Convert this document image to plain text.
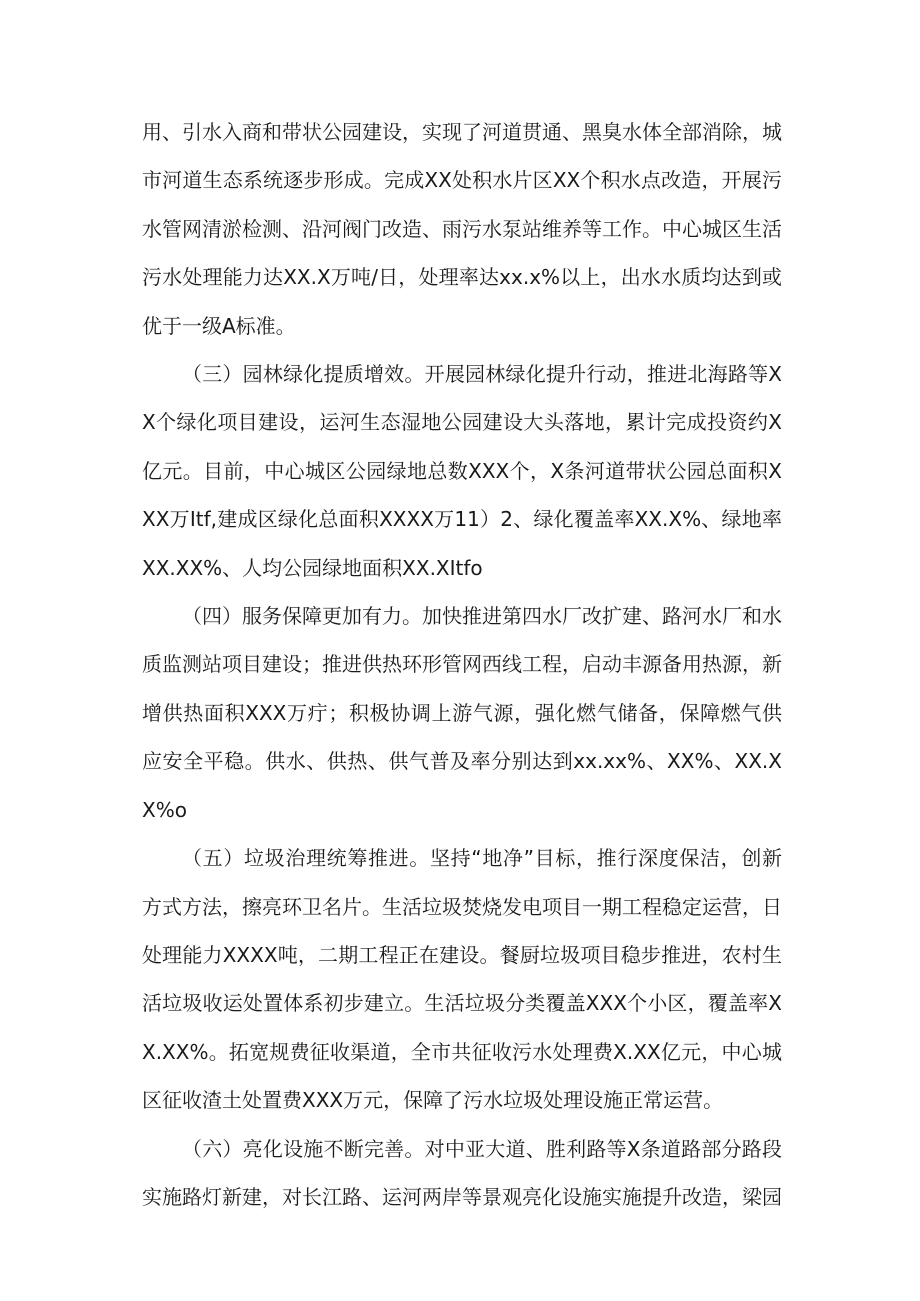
用、引水入商和带状公园建设，实现了河道贯通、黑臭水体全部消除，城市河道生态系统逐步形成。完成XX处积水片区XX个积水点改造，开展污水管网清淤检测、沿河阀门改造、雨污水泵站维养等工作。中心城区生活污水处理能力达XX.X万吨/日，处理率达xx.x%以上，出水水质均达到或优于一级A标准。

（三）园林绿化提质增效。开展园林绿化提升行动，推进北海路等XX个绿化项目建设，运河生态湿地公园建设大头落地，累计完成投资约X亿元。目前，中心城区公园绿地总数XXX个，X条河道带状公园总面积XXX万Itf,建成区绿化总面积XXXX万11）2、绿化覆盖率XX.X%、绿地率XX.XX%、人均公园绿地面积XX.XItfo

（四）服务保障更加有力。加快推进第四水厂改扩建、路河水厂和水质监测站项目建设；推进供热环形管网西线工程，启动丰源备用热源，新增供热面积XXX万疔；积极协调上游气源，强化燃气储备，保障燃气供应安全平稳。供水、供热、供气普及率分别达到xx.xx%、XX%、XX.XX%o

（五）垃圾治理统筹推进。坚持“地净”目标，推行深度保洁，创新方式方法，擦亮环卫名片。生活垃圾焚烧发电项目一期工程稳定运营，日处理能力XXXX吨，二期工程正在建设。餐厨垃圾项目稳步推进，农村生活垃圾收运处置体系初步建立。生活垃圾分类覆盖XXX个小区，覆盖率XX.XX%。拓宽规费征收渠道，全市共征收污水处理费X.XX亿元，中心城区征收渣土处置费XXX万元，保障了污水垃圾处理设施正常运营。

（六）亮化设施不断完善。对中亚大道、胜利路等X条道路部分路段实施路灯新建，对长江路、运河两岸等景观亮化设施实施提升改造，梁园
